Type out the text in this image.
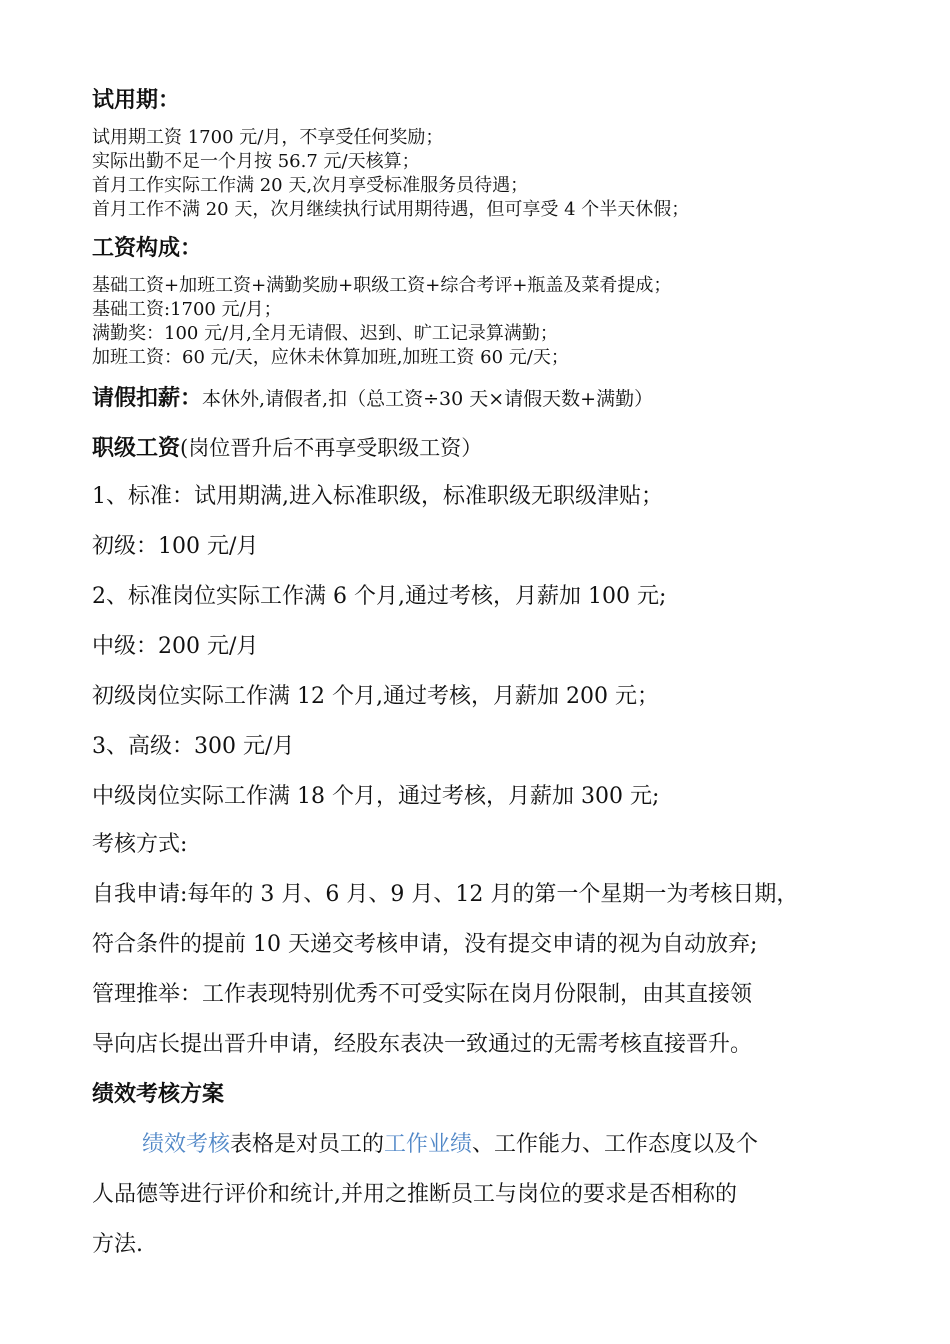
试用期：
试用期工资 1700 元/月，不享受任何奖励；
实际出勤不足一个月按 56.7 元/天核算；
首月工作实际工作满 20 天,次月享受标准服务员待遇；
首月工作不满 20 天，次月继续执行试用期待遇，但可享受 4 个半天休假；
工资构成：
基础工资+加班工资+满勤奖励+职级工资+综合考评+瓶盖及菜肴提成；
基础工资:1700 元/月；
满勤奖：100 元/月,全月无请假、迟到、旷工记录算满勤；
加班工资：60 元/天，应休未休算加班,加班工资 60 元/天；
请假扣薪：本休外,请假者,扣（总工资÷30 天×请假天数+满勤）
职级工资(岗位晋升后不再享受职级工资）
1、标准：试用期满,进入标准职级，标准职级无职级津贴；
初级：100 元/月
2、标准岗位实际工作满 6 个月,通过考核，月薪加 100 元;
中级：200 元/月
初级岗位实际工作满 12 个月,通过考核，月薪加 200 元；
3、高级：300 元/月
中级岗位实际工作满 18 个月，通过考核，月薪加 300 元;
考核方式:
自我申请:每年的 3 月、6 月、9 月、12 月的第一个星期一为考核日期，
符合条件的提前 10 天递交考核申请，没有提交申请的视为自动放弃;
管理推举：工作表现特别优秀不可受实际在岗月份限制，由其直接领
导向店长提出晋升申请，经股东表决一致通过的无需考核直接晋升。
绩效考核方案
绩效考核表格是对员工的工作业绩、工作能力、工作态度以及个
人品德等进行评价和统计,并用之推断员工与岗位的要求是否相称的
方法.
